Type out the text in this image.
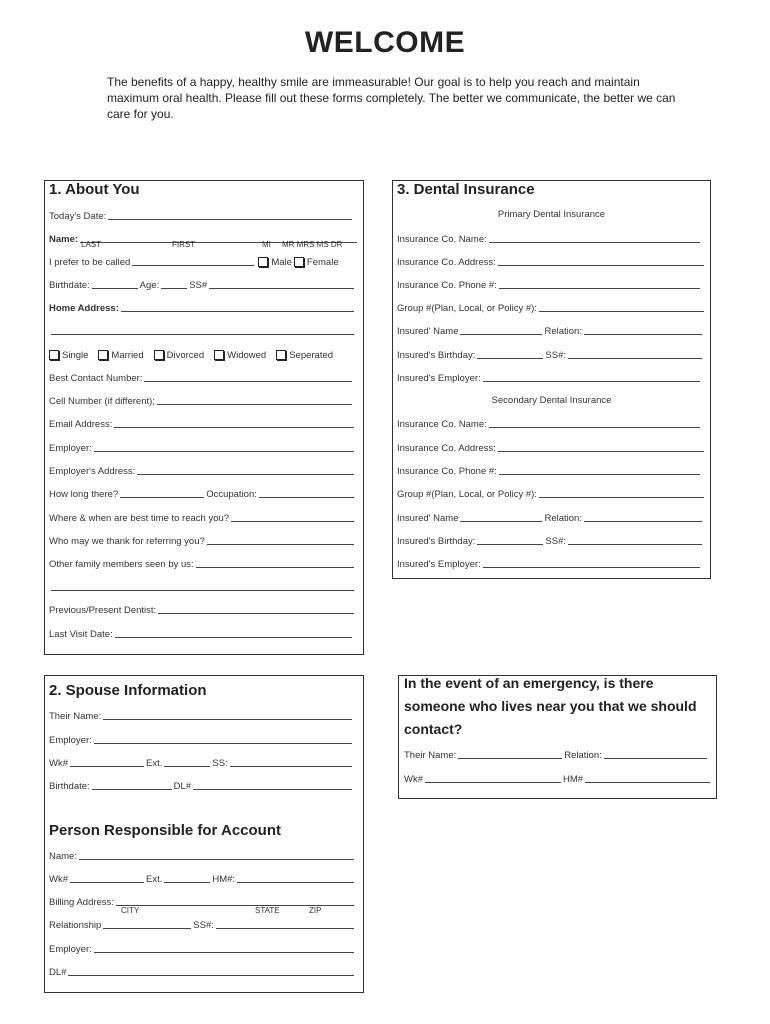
WELCOME
The benefits of a happy, healthy smile are immeasurable! Our goal is to help you reach and maintain maximum oral health. Please fill out these forms completely. The better we communicate, the better we can care for you.
1. About You
Today's Date:
Name: LAST	FIRST	MI MR MRS MS DR
I prefer to be called	Male Female
Birthdate:	Age:	SS#
Home Address:
Single Married Divorced Widowed Seperated
Best Contact Number:
Cell Number (if different);
Email Address:
Employer:
Employer's Address:
How long there?	Occupation:
Where & when are best time to reach you?
Who may we thank for referring you?
Other family members seen by us:
Previous/Present Dentist:
Last Visit Date:
3. Dental Insurance
Primary Dental Insurance
Insurance Co. Name:
Insurance Co. Address:
Insurance Co. Phone #:
Group #(Plan, Local, or Policy #):
Insured' Name	Relation:
Insured's Birthday:	SS#:
Insured's Employer:
Secondary Dental Insurance
Insurance Co. Name:
Insurance Co. Address:
Insurance Co. Phone #:
Group #(Plan, Local, or Policy #):
Insured' Name	Relation:
Insured's Birthday:	SS#:
Insured's Employer:
2. Spouse Information
Their Name:
Employer:
Wk#	Ext.	SS:
Birthdate:	DL#
Person Responsible for Account
Name:
Wk#	Ext.	HM#:
Billing Address:
CITY	STATE	ZIP
Relationship	SS#:
Employer:
DL#
In the event of an emergency, is there someone who lives near you that we should contact?
Their Name:	Relation:
Wk#	HM#
